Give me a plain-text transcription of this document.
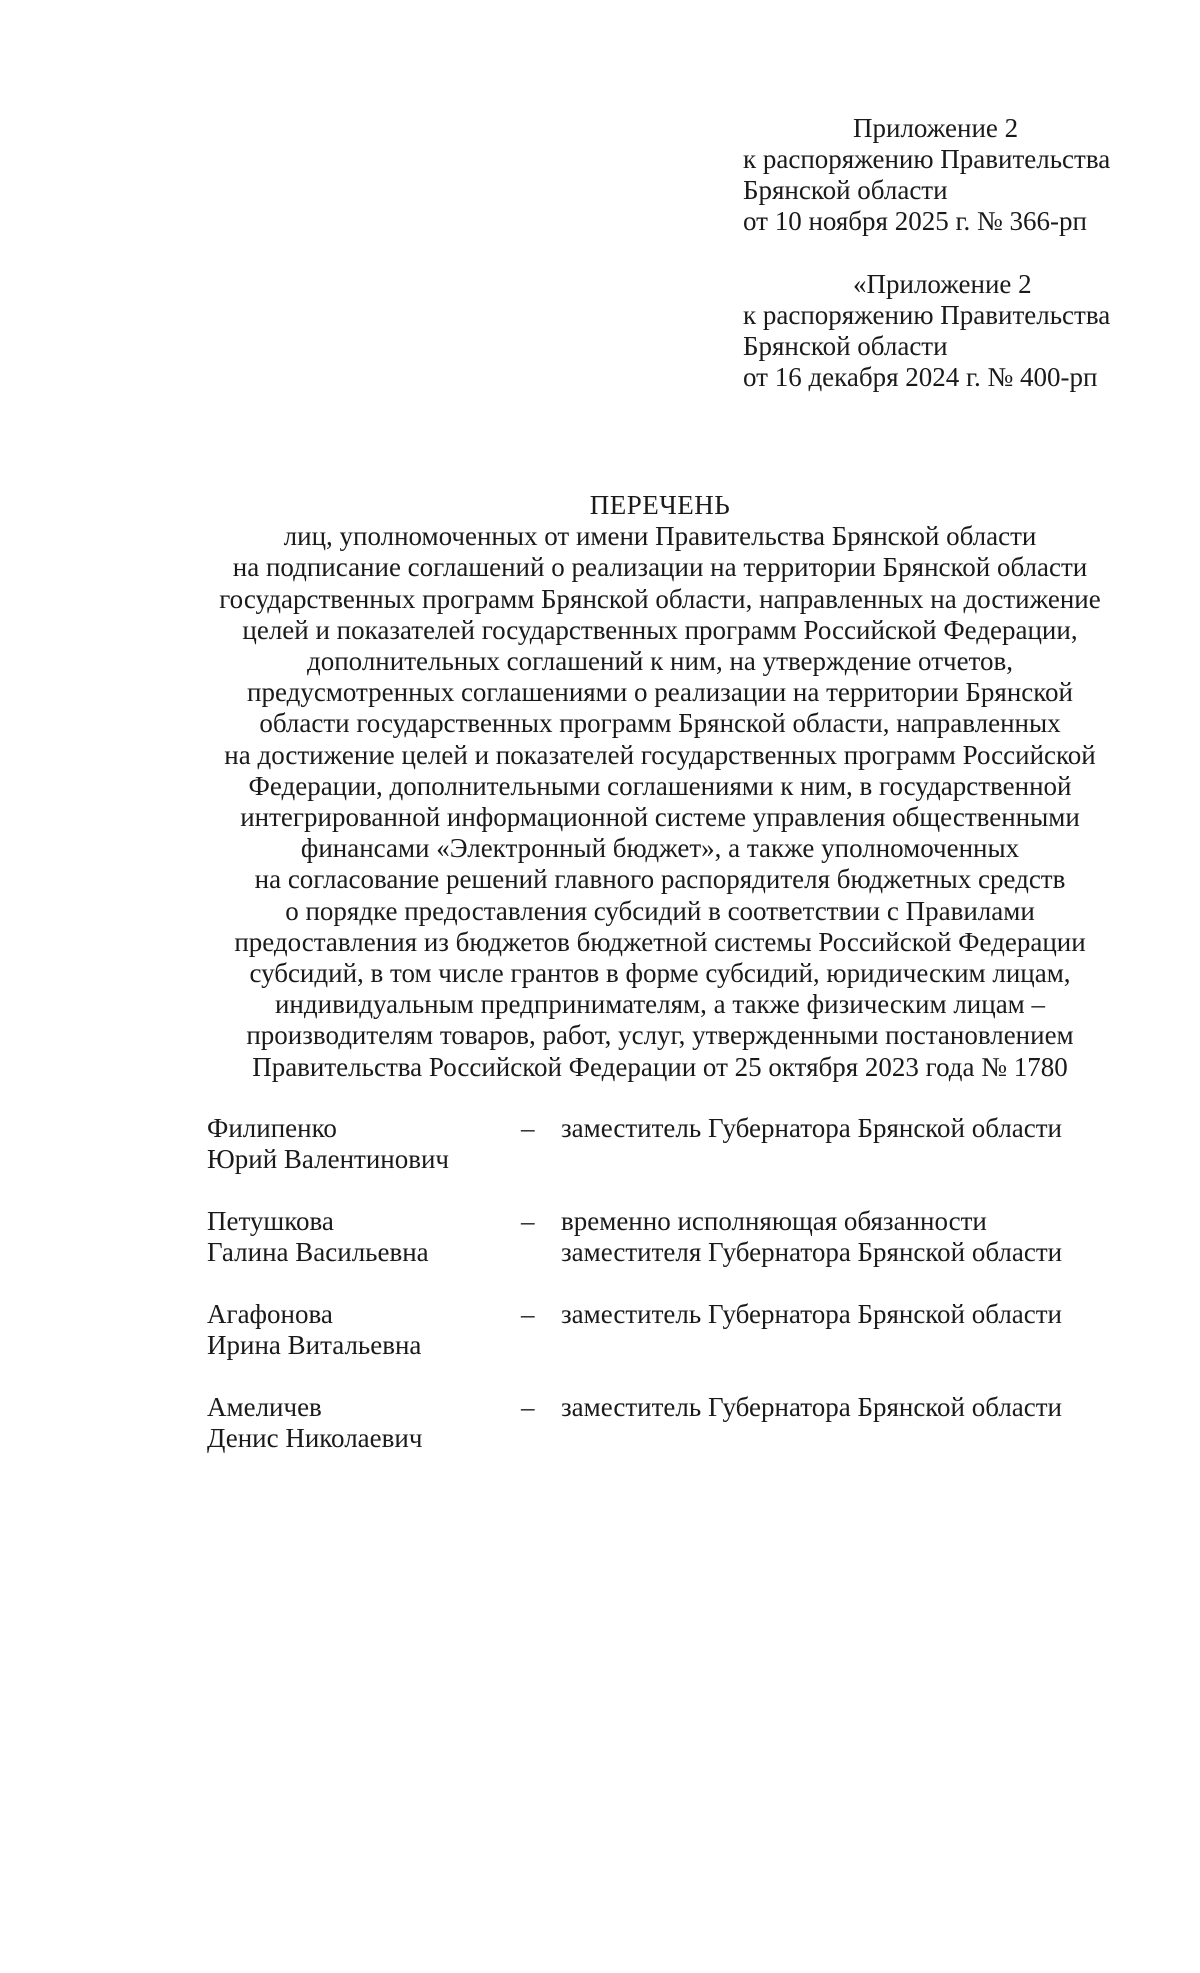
Приложение 2
к распоряжению Правительства
Брянской области
от 10 ноября 2025 г. № 366-рп
«Приложение 2
к распоряжению Правительства
Брянской области
от 16 декабря 2024 г. № 400-рп
ПЕРЕЧЕНЬ
лиц, уполномоченных от имени Правительства Брянской области
на подписание соглашений о реализации на территории Брянской области
государственных программ Брянской области, направленных на достижение
целей и показателей государственных программ Российской Федерации,
дополнительных соглашений к ним, на утверждение отчетов,
предусмотренных соглашениями о реализации на территории Брянской
области государственных программ Брянской области, направленных
на достижение целей и показателей государственных программ Российской
Федерации, дополнительными соглашениями к ним, в государственной
интегрированной информационной системе управления общественными
финансами «Электронный бюджет», а также уполномоченных
на согласование решений главного распорядителя бюджетных средств
о порядке предоставления субсидий в соответствии с Правилами
предоставления из бюджетов бюджетной системы Российской Федерации
субсидий, в том числе грантов в форме субсидий, юридическим лицам,
индивидуальным предпринимателям, а также физическим лицам –
производителям товаров, работ, услуг, утвержденными постановлением
Правительства Российской Федерации от 25 октября 2023 года № 1780
Филипенко
Юрий Валентинович
– заместитель Губернатора Брянской области
Петушкова
Галина Васильевна
– временно исполняющая обязанности
заместителя Губернатора Брянской области
Агафонова
Ирина Витальевна
– заместитель Губернатора Брянской области
Амеличев
Денис Николаевич
– заместитель Губернатора Брянской области
